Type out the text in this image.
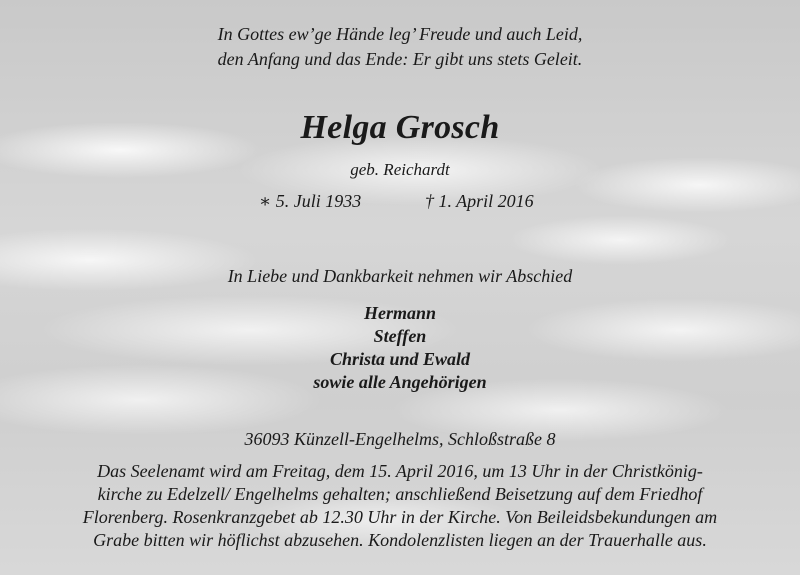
In Gottes ew’ge Hände leg’ Freude und auch Leid,
den Anfang und das Ende: Er gibt uns stets Geleit.
Helga Grosch
geb. Reichardt
∗ 5. Juli 1933	† 1. April 2016
In Liebe und Dankbarkeit nehmen wir Abschied
Hermann
Steffen
Christa und Ewald
sowie alle Angehörigen
36093 Künzell-Engelhelms, Schloßstraße 8
Das Seelenamt wird am Freitag, dem 15. April 2016, um 13 Uhr in der Christkönig-
kirche zu Edelzell/ Engelhelms gehalten; anschließend Beisetzung auf dem Friedhof
Florenberg. Rosenkranzgebet ab 12.30 Uhr in der Kirche. Von Beileidsbekundungen am
Grabe bitten wir höflichst abzusehen. Kondolenzlisten liegen an der Trauerhalle aus.
